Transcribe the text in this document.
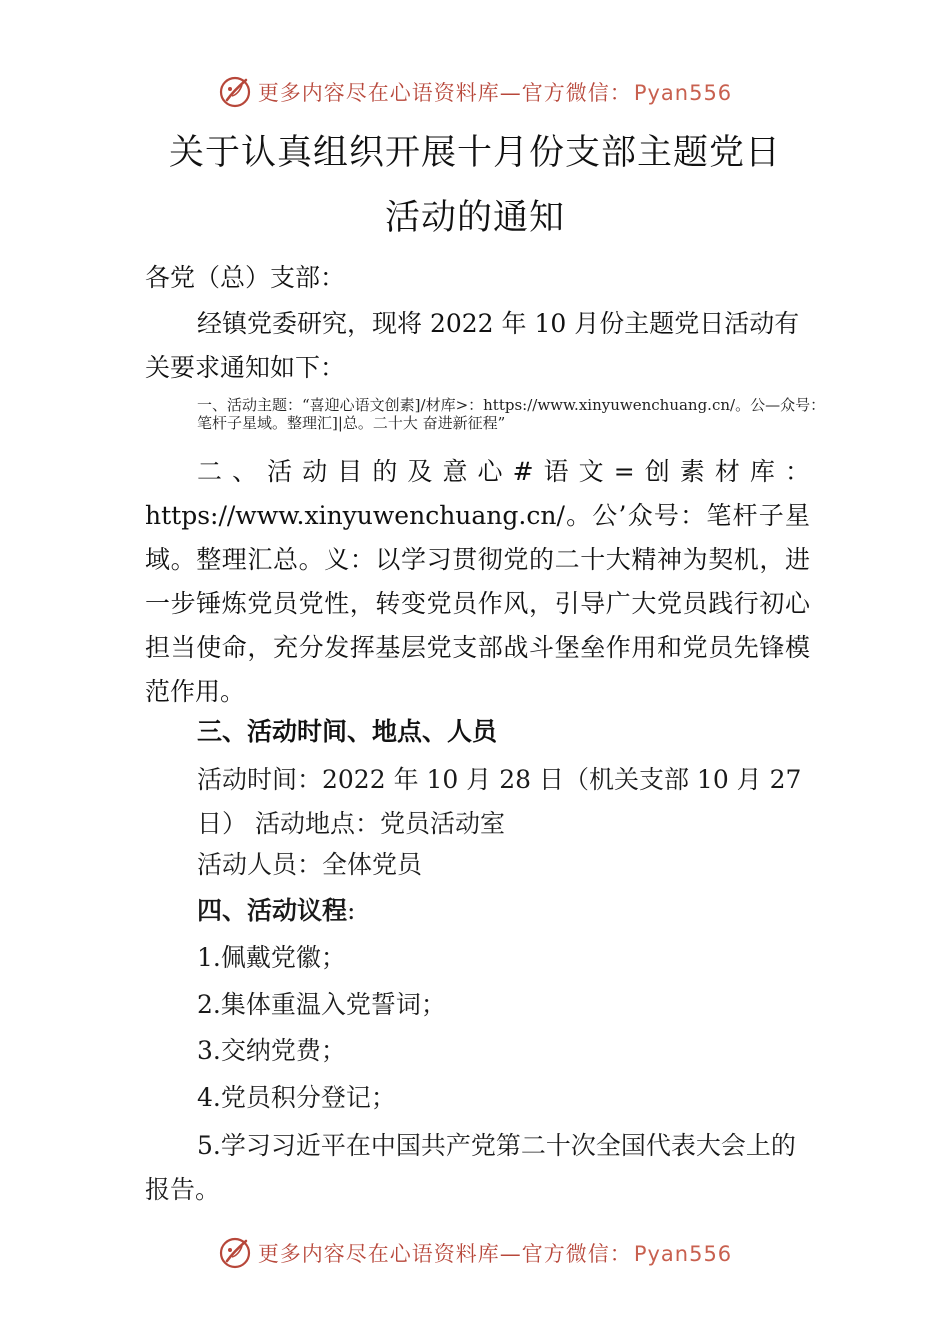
更多内容尽在心语资料库—官方微信：Pyan556
关于认真组织开展十月份支部主题党日
活动的通知
各党（总）支部：
经镇党委研究，现将 2022 年 10 月份主题党日活动有关要求通知如下：
一、活动主题：“喜迎心语文创素]/材库>：https://www.xinyuwenchuang.cn/。公—众号：笔杆子星域。整理汇]|总。二十大 奋进新征程”
二、活动目的及意心#语文=创素材库：https://www.xinyuwenchuang.cn/。公’众号：笔杆子星域。整理汇总。义：以学习贯彻党的二十大精神为契机，进一步锤炼党员党性，转变党员作风，引导广大党员践行初心担当使命，充分发挥基层党支部战斗堡垒作用和党员先锋模范作用。
三、活动时间、地点、人员
活动时间：2022 年 10 月 28 日（机关支部 10 月 27 日） 活动地点：党员活动室
活动人员：全体党员
四、活动议程:
1.佩戴党徽；
2.集体重温入党誓词；
3.交纳党费；
4.党员积分登记；
5.学习习近平在中国共产党第二十次全国代表大会上的报告。
更多内容尽在心语资料库—官方微信：Pyan556
